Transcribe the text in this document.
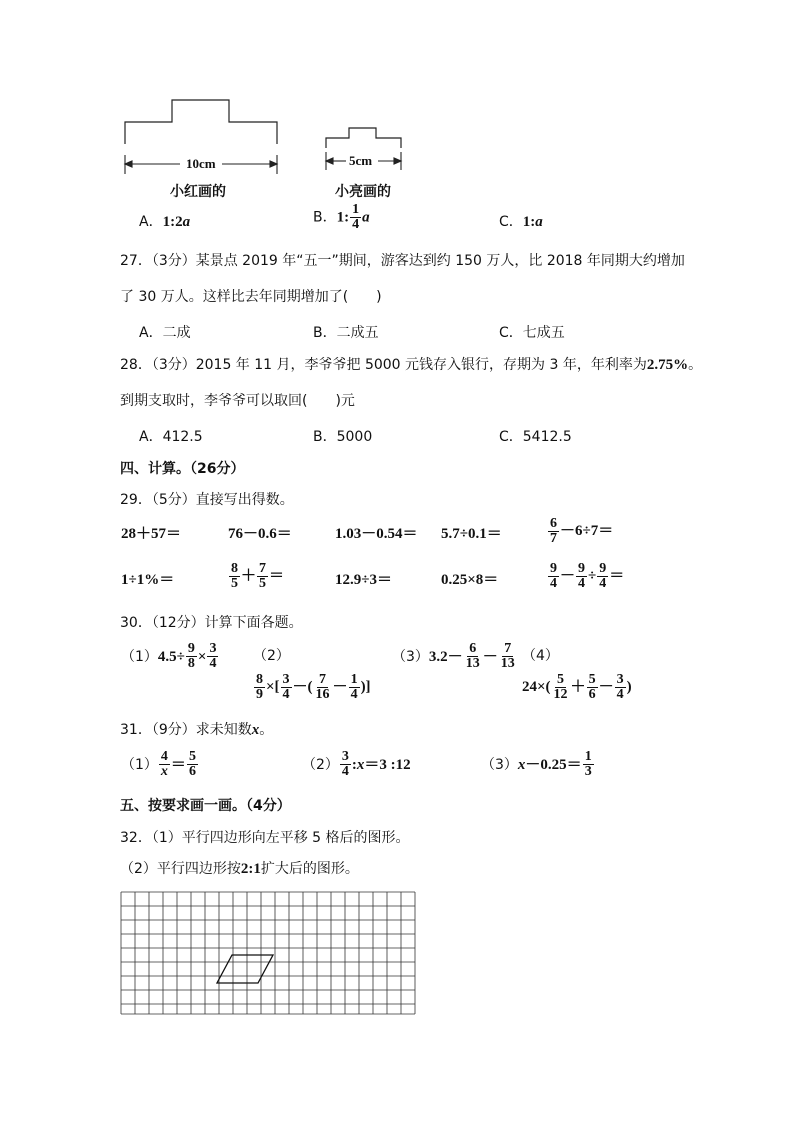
10cm	5cm
小红画的	小亮画的
A．1:2a	B．1: $\frac{1}{4}$ a	C．1:a
27．（3分）某景点 2019 年“五一”期间，游客达到约 150 万人，比 2018 年同期大约增加
了 30 万人。这样比去年同期增加了(　　)
A．二成	B．二成五	C．七成五
28．（3分）2015 年 11 月，李爷爷把 5000 元钱存入银行，存期为 3 年，年利率为2.75%。
到期支取时，李爷爷可以取回(　　)元
A．412.5	B．5000	C．5412.5
四、计算。（26分）
29．（5分）直接写出得数。
28＋57＝	76－0.6＝	1.03－0.54＝ 5.7÷0.1＝	$\frac{6}{7} -6\div 7=$
1÷1%＝	$\frac{8}{5} + \frac{7}{5}$ ＝	12.9÷3＝	0.25×8＝	$\frac{9}{4} - \frac{9}{4} \div \frac{9}{4}$ ＝
30．（12分）计算下面各题。
$(1)4.5\div \frac{9}{8} \times \frac{3}{4} (2)$
$\frac{8}{9}$ ×[ $\frac{3}{4}$ －( $\frac{7}{16} - \frac{1}{4}$ )]
$(3)3.2- \frac{6}{13} - \frac{7}{13} (4)$
$24\times( \frac{5}{12} + \frac{5}{6} - \frac{3}{4}$ )
31．（9分）求未知数x。
$(1) \frac{4}{x} = \frac{5}{6}$	$(2) \frac{3}{4}$ :x＝3 :12	$(3)x-0.25= \frac{1}{3}$
五、按要求画一画。（4分）
32．（1）平行四边形向左平移 5 格后的图形。
（2）平行四边形按2:1扩大后的图形。
